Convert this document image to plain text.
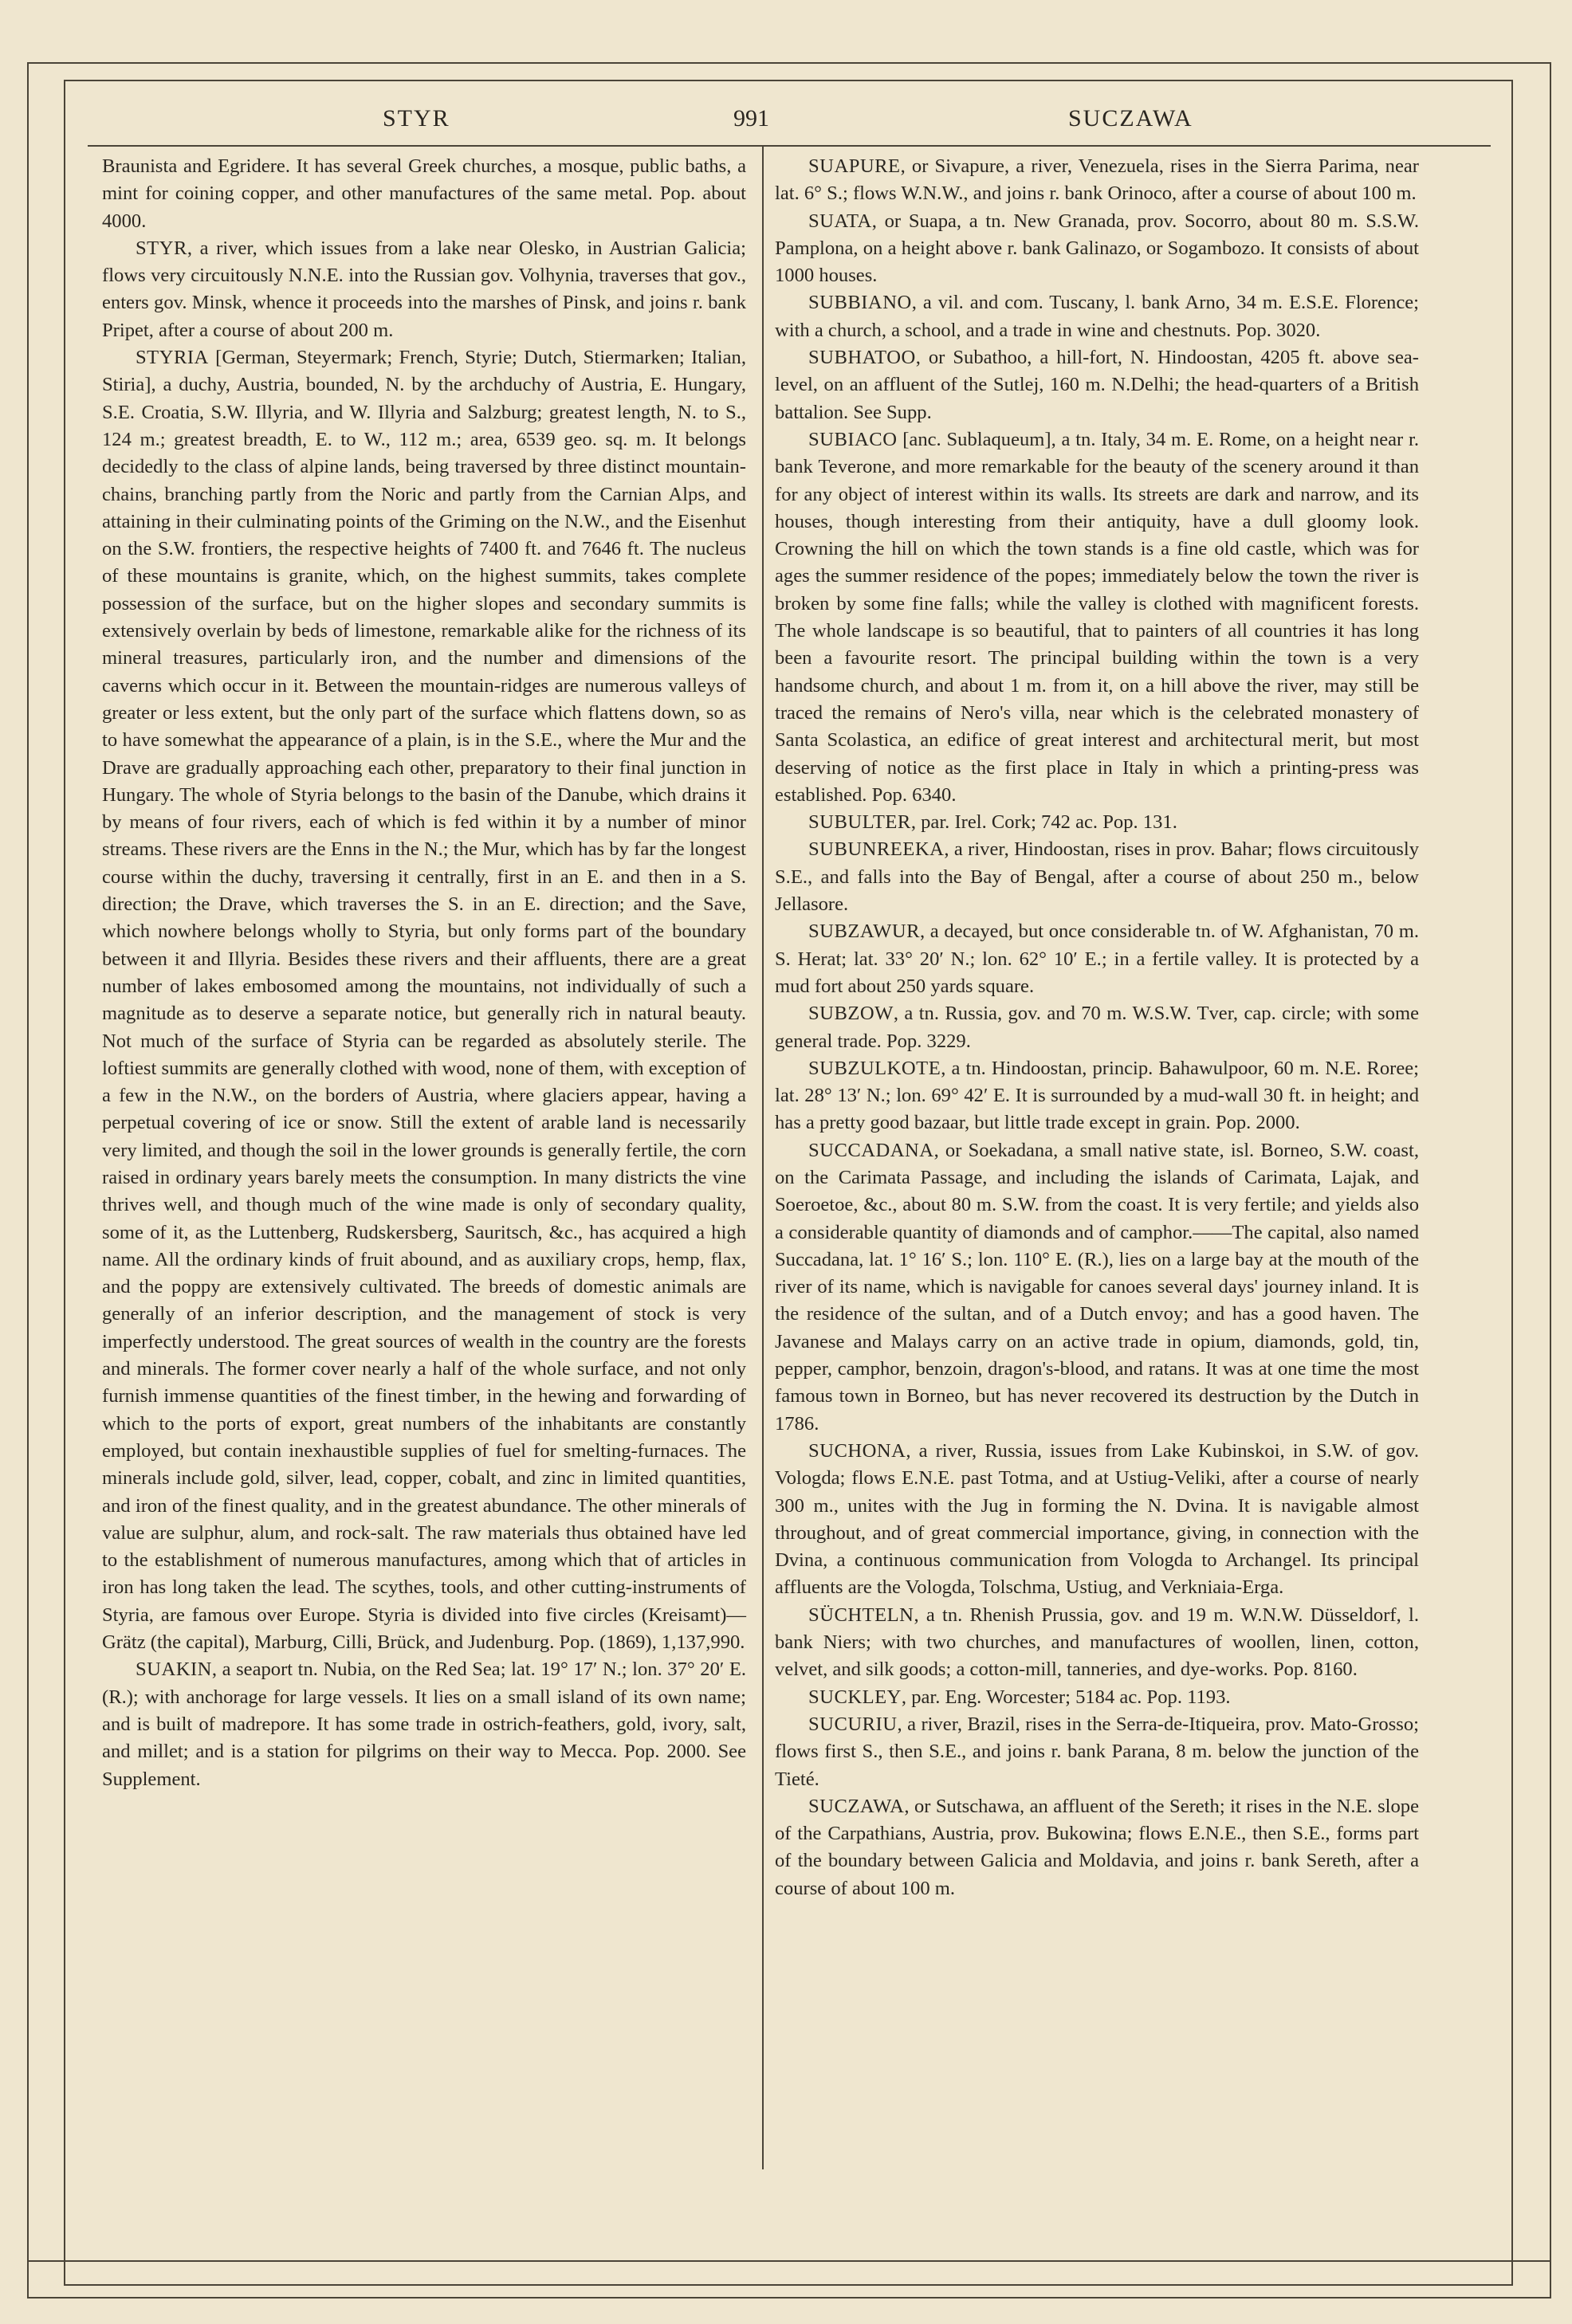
STYR	991	SUCZAWA

Braunista and Egridere. It has several Greek churches, a mosque, public baths, a mint for coining copper, and other manufactures of the same metal. Pop. about 4000.

STYR, a river, which issues from a lake near Olesko, in Austrian Galicia; flows very circuitously N.N.E. into the Russian gov. Volhynia, traverses that gov., enters gov. Minsk, whence it proceeds into the marshes of Pinsk, and joins r. bank Pripet, after a course of about 200 m.

STYRIA [German, Steyermark; French, Styrie; Dutch, Stiermarken; Italian, Stiria], a duchy, Austria, bounded, N. by the archduchy of Austria, E. Hungary, S.E. Croatia, S.W. Illyria, and W. Illyria and Salzburg; greatest length, N. to S., 124 m.; greatest breadth, E. to W., 112 m.; area, 6539 geo. sq. m. It belongs decidedly to the class of alpine lands, being traversed by three distinct mountain-chains, branching partly from the Noric and partly from the Carnian Alps, and attaining in their culminating points of the Griming on the N.W., and the Eisenhut on the S.W. frontiers, the respective heights of 7400 ft. and 7646 ft. The nucleus of these mountains is granite, which, on the highest summits, takes complete possession of the surface, but on the higher slopes and secondary summits is extensively overlain by beds of limestone, remarkable alike for the richness of its mineral treasures, particularly iron, and the number and dimensions of the caverns which occur in it. Between the mountain-ridges are numerous valleys of greater or less extent, but the only part of the surface which flattens down, so as to have somewhat the appearance of a plain, is in the S.E., where the Mur and the Drave are gradually approaching each other, preparatory to their final junction in Hungary. The whole of Styria belongs to the basin of the Danube, which drains it by means of four rivers, each of which is fed within it by a number of minor streams. These rivers are the Enns in the N.; the Mur, which has by far the longest course within the duchy, traversing it centrally, first in an E. and then in a S. direction; the Drave, which traverses the S. in an E. direction; and the Save, which nowhere belongs wholly to Styria, but only forms part of the boundary between it and Illyria. Besides these rivers and their affluents, there are a great number of lakes embosomed among the mountains, not individually of such a magnitude as to deserve a separate notice, but generally rich in natural beauty. Not much of the surface of Styria can be regarded as absolutely sterile. The loftiest summits are generally clothed with wood, none of them, with exception of a few in the N.W., on the borders of Austria, where glaciers appear, having a perpetual covering of ice or snow. Still the extent of arable land is necessarily very limited, and though the soil in the lower grounds is generally fertile, the corn raised in ordinary years barely meets the consumption. In many districts the vine thrives well, and though much of the wine made is only of secondary quality, some of it, as the Luttenberg, Rudskersberg, Sauritsch, &c., has acquired a high name. All the ordinary kinds of fruit abound, and as auxiliary crops, hemp, flax, and the poppy are extensively cultivated. The breeds of domestic animals are generally of an inferior description, and the management of stock is very imperfectly understood. The great sources of wealth in the country are the forests and minerals. The former cover nearly a half of the whole surface, and not only furnish immense quantities of the finest timber, in the hewing and forwarding of which to the ports of export, great numbers of the inhabitants are constantly employed, but contain inexhaustible supplies of fuel for smelting-furnaces. The minerals include gold, silver, lead, copper, cobalt, and zinc in limited quantities, and iron of the finest quality, and in the greatest abundance. The other minerals of value are sulphur, alum, and rock-salt. The raw materials thus obtained have led to the establishment of numerous manufactures, among which that of articles in iron has long taken the lead. The scythes, tools, and other cutting-instruments of Styria, are famous over Europe. Styria is divided into five circles (Kreisamt)—Grätz (the capital), Marburg, Cilli, Brück, and Judenburg. Pop. (1869), 1,137,990.

SUAKIN, a seaport tn. Nubia, on the Red Sea; lat. 19° 17′ N.; lon. 37° 20′ E. (R.); with anchorage for large vessels. It lies on a small island of its own name; and is built of madrepore. It has some trade in ostrich-feathers, gold, ivory, salt, and millet; and is a station for pilgrims on their way to Mecca. Pop. 2000. See Supplement.

SUAPURE, or Sivapure, a river, Venezuela, rises in the Sierra Parima, near lat. 6° S.; flows W.N.W., and joins r. bank Orinoco, after a course of about 100 m.

SUATA, or Suapa, a tn. New Granada, prov. Socorro, about 80 m. S.S.W. Pamplona, on a height above r. bank Galinazo, or Sogambozo. It consists of about 1000 houses.

SUBBIANO, a vil. and com. Tuscany, l. bank Arno, 34 m. E.S.E. Florence; with a church, a school, and a trade in wine and chestnuts. Pop. 3020.

SUBHATOO, or Subathoo, a hill-fort, N. Hindoostan, 4205 ft. above sea-level, on an affluent of the Sutlej, 160 m. N.Delhi; the head-quarters of a British battalion. See Supp.

SUBIACO [anc. Sublaqueum], a tn. Italy, 34 m. E. Rome, on a height near r. bank Teverone, and more remarkable for the beauty of the scenery around it than for any object of interest within its walls. Its streets are dark and narrow, and its houses, though interesting from their antiquity, have a dull gloomy look. Crowning the hill on which the town stands is a fine old castle, which was for ages the summer residence of the popes; immediately below the town the river is broken by some fine falls; while the valley is clothed with magnificent forests. The whole landscape is so beautiful, that to painters of all countries it has long been a favourite resort. The principal building within the town is a very handsome church, and about 1 m. from it, on a hill above the river, may still be traced the remains of Nero's villa, near which is the celebrated monastery of Santa Scolastica, an edifice of great interest and architectural merit, but most deserving of notice as the first place in Italy in which a printing-press was established. Pop. 6340.

SUBULTER, par. Irel. Cork; 742 ac. Pop. 131.

SUBUNREEKA, a river, Hindoostan, rises in prov. Bahar; flows circuitously S.E., and falls into the Bay of Bengal, after a course of about 250 m., below Jellasore.

SUBZAWUR, a decayed, but once considerable tn. of W. Afghanistan, 70 m. S. Herat; lat. 33° 20′ N.; lon. 62° 10′ E.; in a fertile valley. It is protected by a mud fort about 250 yards square.

SUBZOW, a tn. Russia, gov. and 70 m. W.S.W. Tver, cap. circle; with some general trade. Pop. 3229.

SUBZULKOTE, a tn. Hindoostan, princip. Bahawulpoor, 60 m. N.E. Roree; lat. 28° 13′ N.; lon. 69° 42′ E. It is surrounded by a mud-wall 30 ft. in height; and has a pretty good bazaar, but little trade except in grain. Pop. 2000.

SUCCADANA, or Soekadana, a small native state, isl. Borneo, S.W. coast, on the Carimata Passage, and including the islands of Carimata, Lajak, and Soeroetoe, &c., about 80 m. S.W. from the coast. It is very fertile; and yields also a considerable quantity of diamonds and of camphor.——The capital, also named Succadana, lat. 1° 16′ S.; lon. 110° E. (R.), lies on a large bay at the mouth of the river of its name, which is navigable for canoes several days' journey inland. It is the residence of the sultan, and of a Dutch envoy; and has a good haven. The Javanese and Malays carry on an active trade in opium, diamonds, gold, tin, pepper, camphor, benzoin, dragon's-blood, and ratans. It was at one time the most famous town in Borneo, but has never recovered its destruction by the Dutch in 1786.

SUCHONA, a river, Russia, issues from Lake Kubinskoi, in S.W. of gov. Vologda; flows E.N.E. past Totma, and at Ustiug-Veliki, after a course of nearly 300 m., unites with the Jug in forming the N. Dvina. It is navigable almost throughout, and of great commercial importance, giving, in connection with the Dvina, a continuous communication from Vologda to Archangel. Its principal affluents are the Vologda, Tolschma, Ustiug, and Verkniaia-Erga.

SÜCHTELN, a tn. Rhenish Prussia, gov. and 19 m. W.N.W. Düsseldorf, l. bank Niers; with two churches, and manufactures of woollen, linen, cotton, velvet, and silk goods; a cotton-mill, tanneries, and dye-works. Pop. 8160.

SUCKLEY, par. Eng. Worcester; 5184 ac. Pop. 1193.

SUCURIU, a river, Brazil, rises in the Serra-de-Itiqueira, prov. Mato-Grosso; flows first S., then S.E., and joins r. bank Parana, 8 m. below the junction of the Tieté.

SUCZAWA, or Sutschawa, an affluent of the Sereth; it rises in the N.E. slope of the Carpathians, Austria, prov. Bukowina; flows E.N.E., then S.E., forms part of the boundary between Galicia and Moldavia, and joins r. bank Sereth, after a course of about 100 m.
